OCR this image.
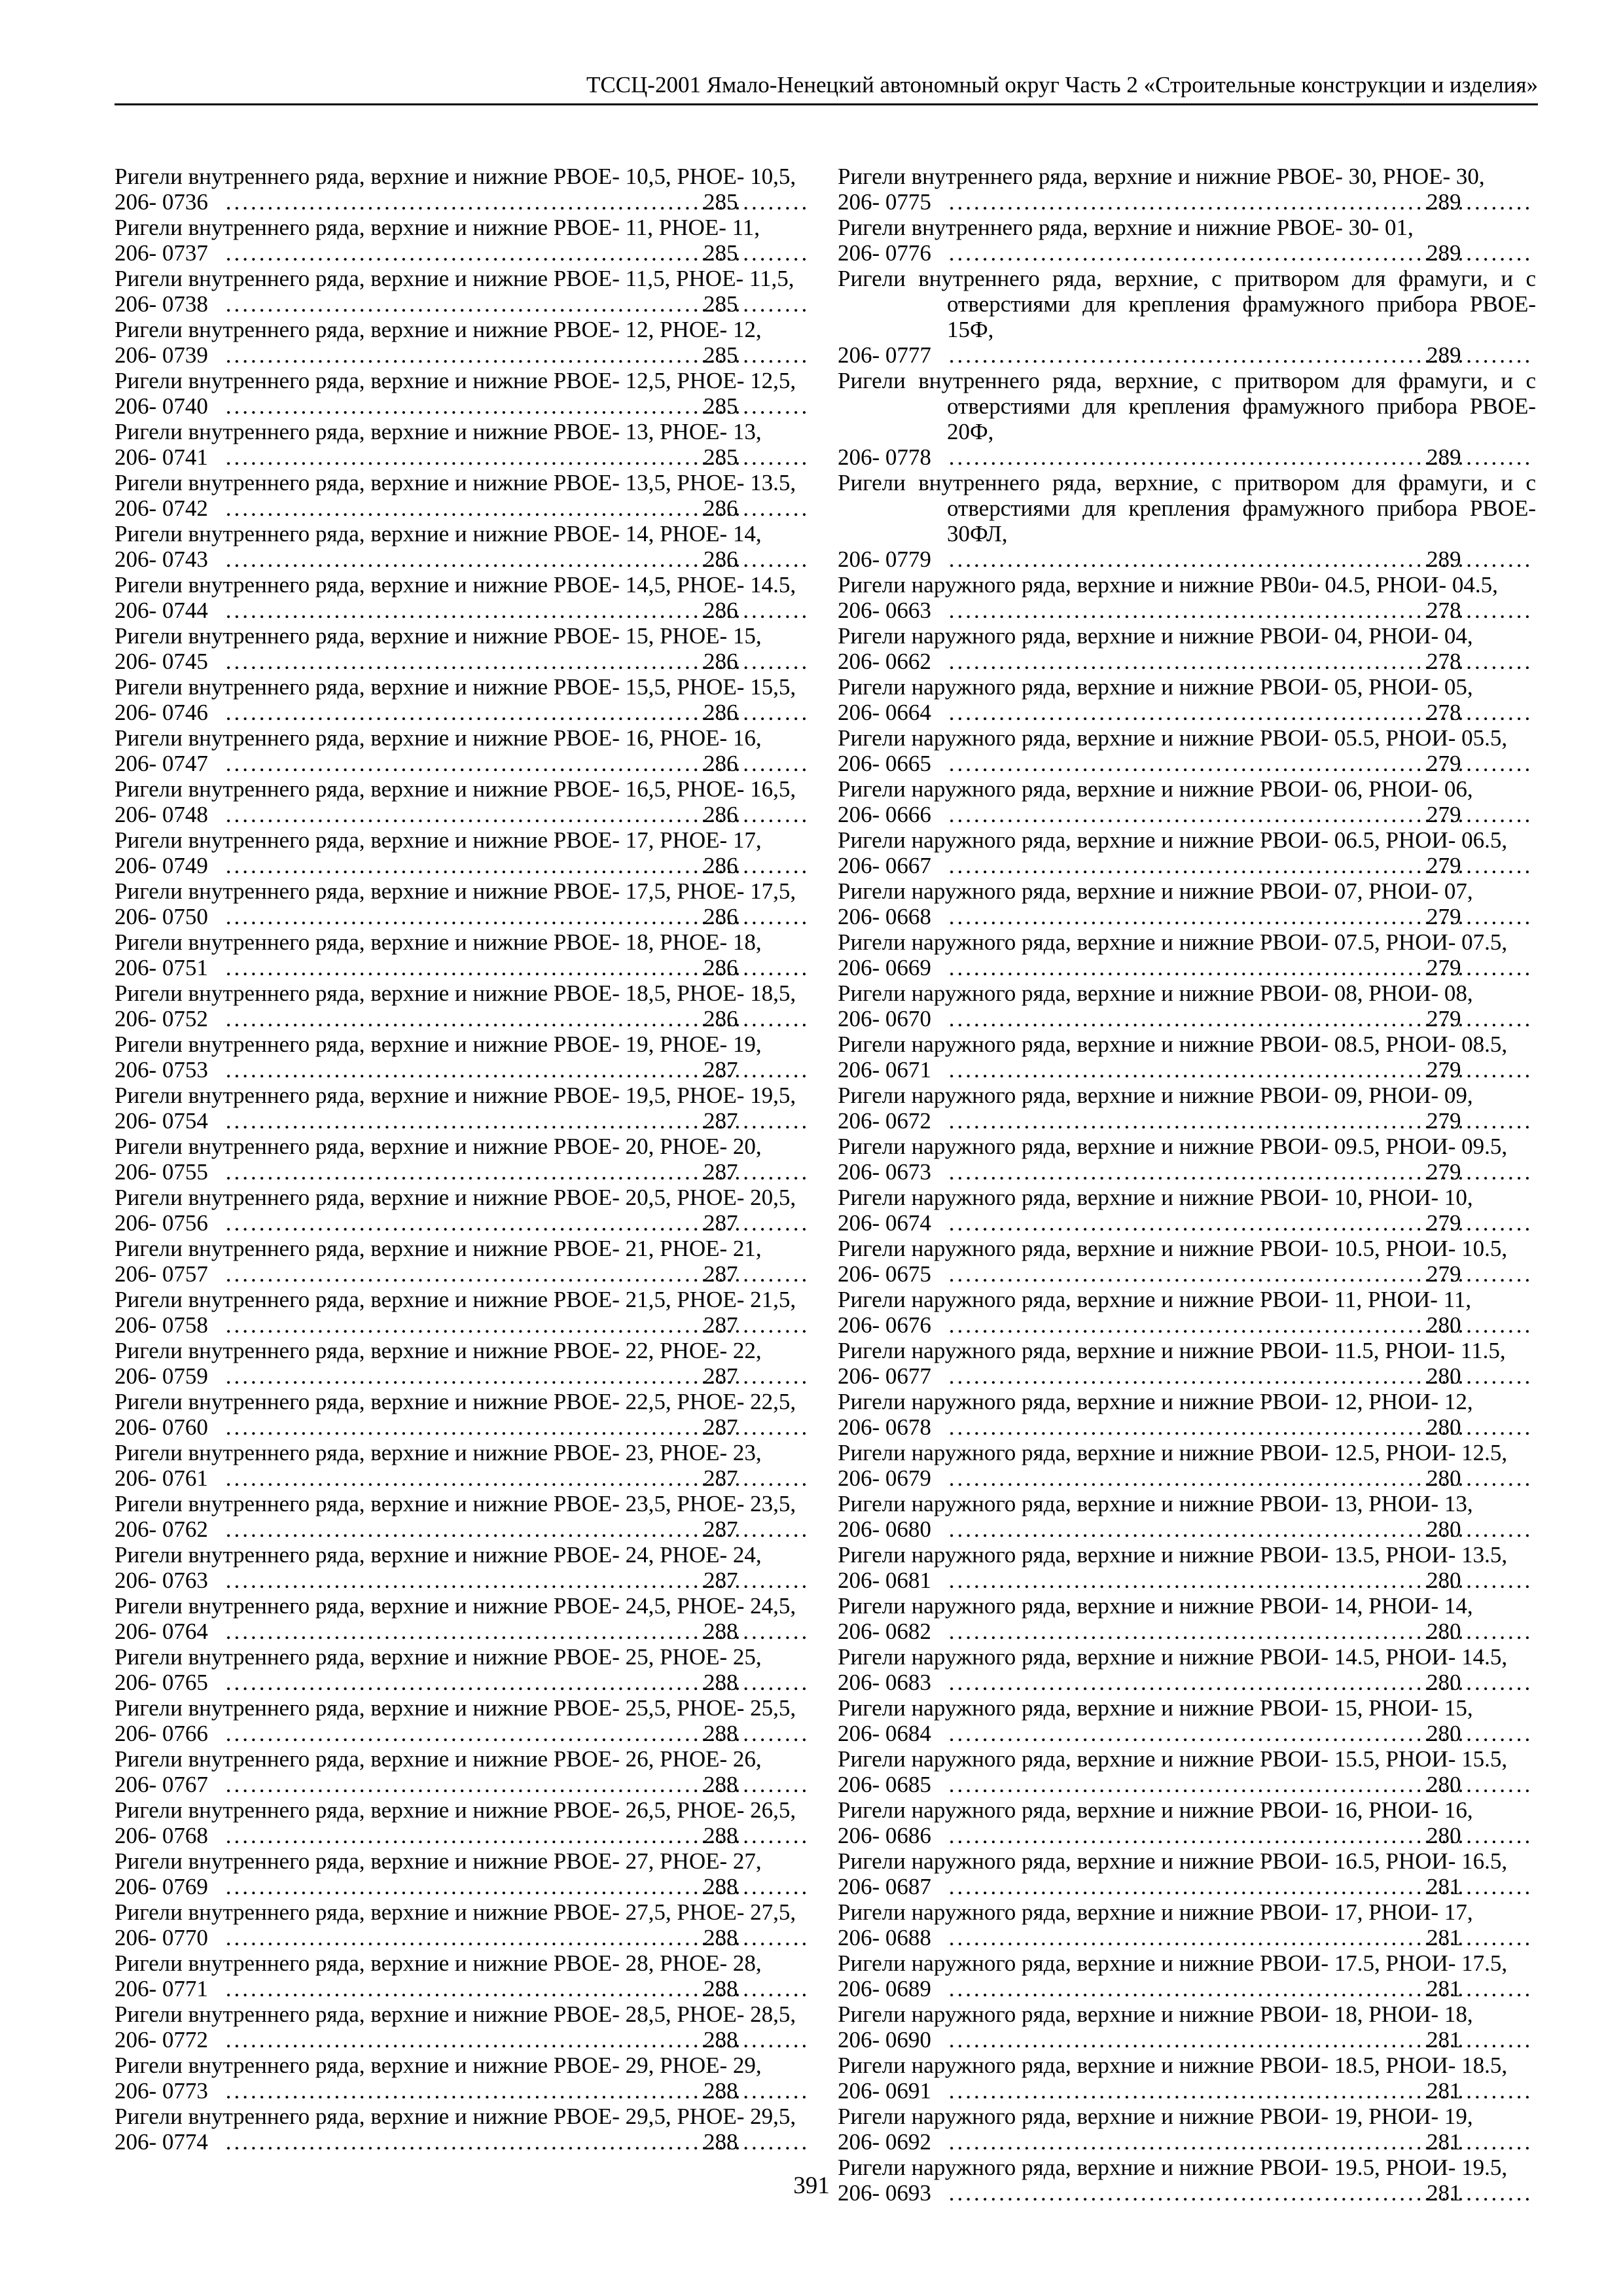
ТССЦ-2001 Ямало-Ненецкий автономный округ Часть 2 «Строительные конструкции и изделия»
Ригели внутреннего ряда, верхние и нижние РВОЕ- 10,5, РНОЕ- 10,5,
206- 0736 .....	285
Ригели внутреннего ряда, верхние и нижние РВОЕ- 11, РНОЕ- 11,
206- 0737 .....	285
Ригели внутреннего ряда, верхние и нижние РВОЕ- 11,5, РНОЕ- 11,5,
206- 0738 .....	285
Ригели внутреннего ряда, верхние и нижние РВОЕ- 12, РНОЕ- 12,
206- 0739 .....	285
Ригели внутреннего ряда, верхние и нижние РВОЕ- 12,5, РНОЕ- 12,5,
206- 0740 .....	285
Ригели внутреннего ряда, верхние и нижние РВОЕ- 13, РНОЕ- 13,
206- 0741 .....	285
Ригели внутреннего ряда, верхние и нижние РВОЕ- 13,5, РНОЕ- 13.5,
206- 0742 .....	286
Ригели внутреннего ряда, верхние и нижние РВОЕ- 14, РНОЕ- 14,
206- 0743 .....	286
Ригели внутреннего ряда, верхние и нижние РВОЕ- 14,5, РНОЕ- 14.5,
206- 0744 .....	286
Ригели внутреннего ряда, верхние и нижние РВОЕ- 15, РНОЕ- 15,
206- 0745 .....	286
Ригели внутреннего ряда, верхние и нижние РВОЕ- 15,5, РНОЕ- 15,5,
206- 0746 .....	286
Ригели внутреннего ряда, верхние и нижние РВОЕ- 16, РНОЕ- 16,
206- 0747 .....	286
Ригели внутреннего ряда, верхние и нижние РВОЕ- 16,5, РНОЕ- 16,5,
206- 0748 .....	286
Ригели внутреннего ряда, верхние и нижние РВОЕ- 17, РНОЕ- 17,
206- 0749 .....	286
Ригели внутреннего ряда, верхние и нижние РВОЕ- 17,5, РНОЕ- 17,5,
206- 0750 .....	286
Ригели внутреннего ряда, верхние и нижние РВОЕ- 18, РНОЕ- 18,
206- 0751 .....	286
Ригели внутреннего ряда, верхние и нижние РВОЕ- 18,5, РНОЕ- 18,5,
206- 0752 .....	286
Ригели внутреннего ряда, верхние и нижние РВОЕ- 19, РНОЕ- 19,
206- 0753 .....	287
Ригели внутреннего ряда, верхние и нижние РВОЕ- 19,5, РНОЕ- 19,5,
206- 0754 .....	287
Ригели внутреннего ряда, верхние и нижние РВОЕ- 20, РНОЕ- 20,
206- 0755 .....	287
Ригели внутреннего ряда, верхние и нижние РВОЕ- 20,5, РНОЕ- 20,5,
206- 0756 .....	287
Ригели внутреннего ряда, верхние и нижние РВОЕ- 21, РНОЕ- 21,
206- 0757 .....	287
Ригели внутреннего ряда, верхние и нижние РВОЕ- 21,5, РНОЕ- 21,5,
206- 0758 .....	287
Ригели внутреннего ряда, верхние и нижние РВОЕ- 22, РНОЕ- 22,
206- 0759 .....	287
Ригели внутреннего ряда, верхние и нижние РВОЕ- 22,5, РНОЕ- 22,5,
206- 0760 .....	287
Ригели внутреннего ряда, верхние и нижние РВОЕ- 23, РНОЕ- 23,
206- 0761 .....	287
Ригели внутреннего ряда, верхние и нижние РВОЕ- 23,5, РНОЕ- 23,5,
206- 0762 .....	287
Ригели внутреннего ряда, верхние и нижние РВОЕ- 24, РНОЕ- 24,
206- 0763 .....	287
Ригели внутреннего ряда, верхние и нижние РВОЕ- 24,5, РНОЕ- 24,5,
206- 0764 .....	288
Ригели внутреннего ряда, верхние и нижние РВОЕ- 25, РНОЕ- 25,
206- 0765 .....	288
Ригели внутреннего ряда, верхние и нижние РВОЕ- 25,5, РНОЕ- 25,5,
206- 0766 .....	288
Ригели внутреннего ряда, верхние и нижние РВОЕ- 26, РНОЕ- 26,
206- 0767 .....	288
Ригели внутреннего ряда, верхние и нижние РВОЕ- 26,5, РНОЕ- 26,5,
206- 0768 .....	288
Ригели внутреннего ряда, верхние и нижние РВОЕ- 27, РНОЕ- 27,
206- 0769 .....	288
Ригели внутреннего ряда, верхние и нижние РВОЕ- 27,5, РНОЕ- 27,5,
206- 0770 .....	288
Ригели внутреннего ряда, верхние и нижние РВОЕ- 28, РНОЕ- 28,
206- 0771 .....	288
Ригели внутреннего ряда, верхние и нижние РВОЕ- 28,5, РНОЕ- 28,5,
206- 0772 .....	288
Ригели внутреннего ряда, верхние и нижние РВОЕ- 29, РНОЕ- 29,
206- 0773 .....	288
Ригели внутреннего ряда, верхние и нижние РВОЕ- 29,5, РНОЕ- 29,5,
206- 0774 .....	288
Ригели внутреннего ряда, верхние и нижние РВОЕ- 30, РНОЕ- 30,
206- 0775 .....	289
Ригели внутреннего ряда, верхние и нижние РВОЕ- 30- 01,
206- 0776 .....	289
Ригели внутреннего ряда, верхние, с притвором для фрамуги, и с отверстиями для крепления фрамужного прибора РВОЕ- 15Ф,
206- 0777 .....	289
Ригели внутреннего ряда, верхние, с притвором для фрамуги, и с отверстиями для крепления фрамужного прибора РВОЕ- 20Ф,
206- 0778 .....	289
Ригели внутреннего ряда, верхние, с притвором для фрамуги, и с отверстиями для крепления фрамужного прибора РВОЕ- 30ФЛ,
206- 0779 .....	289
Ригели наружного ряда, верхние и нижние РВ0и- 04.5, РНОИ- 04.5,
206- 0663 .....	278
Ригели наружного ряда, верхние и нижние РВОИ- 04, РНОИ- 04,
206- 0662 .....	278
Ригели наружного ряда, верхние и нижние РВОИ- 05, РНОИ- 05,
206- 0664 .....	278
Ригели наружного ряда, верхние и нижние РВОИ- 05.5, РНОИ- 05.5,
206- 0665 .....	279
Ригели наружного ряда, верхние и нижние РВОИ- 06, РНОИ- 06,
206- 0666 .....	279
Ригели наружного ряда, верхние и нижние РВОИ- 06.5, РНОИ- 06.5,
206- 0667 .....	279
Ригели наружного ряда, верхние и нижние РВОИ- 07, РНОИ- 07,
206- 0668 .....	279
Ригели наружного ряда, верхние и нижние РВОИ- 07.5, РНОИ- 07.5,
206- 0669 .....	279
Ригели наружного ряда, верхние и нижние РВОИ- 08, РНОИ- 08,
206- 0670 .....	279
Ригели наружного ряда, верхние и нижние РВОИ- 08.5, РНОИ- 08.5,
206- 0671 .....	279
Ригели наружного ряда, верхние и нижние РВОИ- 09, РНОИ- 09,
206- 0672 .....	279
Ригели наружного ряда, верхние и нижние РВОИ- 09.5, РНОИ- 09.5,
206- 0673 .....	279
Ригели наружного ряда, верхние и нижние РВОИ- 10, РНОИ- 10,
206- 0674 .....	279
Ригели наружного ряда, верхние и нижние РВОИ- 10.5, РНОИ- 10.5,
206- 0675 .....	279
Ригели наружного ряда, верхние и нижние РВОИ- 11, РНОИ- 11,
206- 0676 .....	280
Ригели наружного ряда, верхние и нижние РВОИ- 11.5, РНОИ- 11.5,
206- 0677 .....	280
Ригели наружного ряда, верхние и нижние РВОИ- 12, РНОИ- 12,
206- 0678 .....	280
Ригели наружного ряда, верхние и нижние РВОИ- 12.5, РНОИ- 12.5,
206- 0679 .....	280
Ригели наружного ряда, верхние и нижние РВОИ- 13, РНОИ- 13,
206- 0680 .....	280
Ригели наружного ряда, верхние и нижние РВОИ- 13.5, РНОИ- 13.5,
206- 0681 .....	280
Ригели наружного ряда, верхние и нижние РВОИ- 14, РНОИ- 14,
206- 0682 .....	280
Ригели наружного ряда, верхние и нижние РВОИ- 14.5, РНОИ- 14.5,
206- 0683 .....	280
Ригели наружного ряда, верхние и нижние РВОИ- 15, РНОИ- 15,
206- 0684 .....	280
Ригели наружного ряда, верхние и нижние РВОИ- 15.5, РНОИ- 15.5,
206- 0685 .....	280
Ригели наружного ряда, верхние и нижние РВОИ- 16, РНОИ- 16,
206- 0686 .....	280
Ригели наружного ряда, верхние и нижние РВОИ- 16.5, РНОИ- 16.5,
206- 0687 .....	281
Ригели наружного ряда, верхние и нижние РВОИ- 17, РНОИ- 17,
206- 0688 .....	281
Ригели наружного ряда, верхние и нижние РВОИ- 17.5, РНОИ- 17.5,
206- 0689 .....	281
Ригели наружного ряда, верхние и нижние РВОИ- 18, РНОИ- 18,
206- 0690 .....	281
Ригели наружного ряда, верхние и нижние РВОИ- 18.5, РНОИ- 18.5,
206- 0691 .....	281
Ригели наружного ряда, верхние и нижние РВОИ- 19, РНОИ- 19,
206- 0692 .....	281
Ригели наружного ряда, верхние и нижние РВОИ- 19.5, РНОИ- 19.5,
206- 0693 .....	281
391
